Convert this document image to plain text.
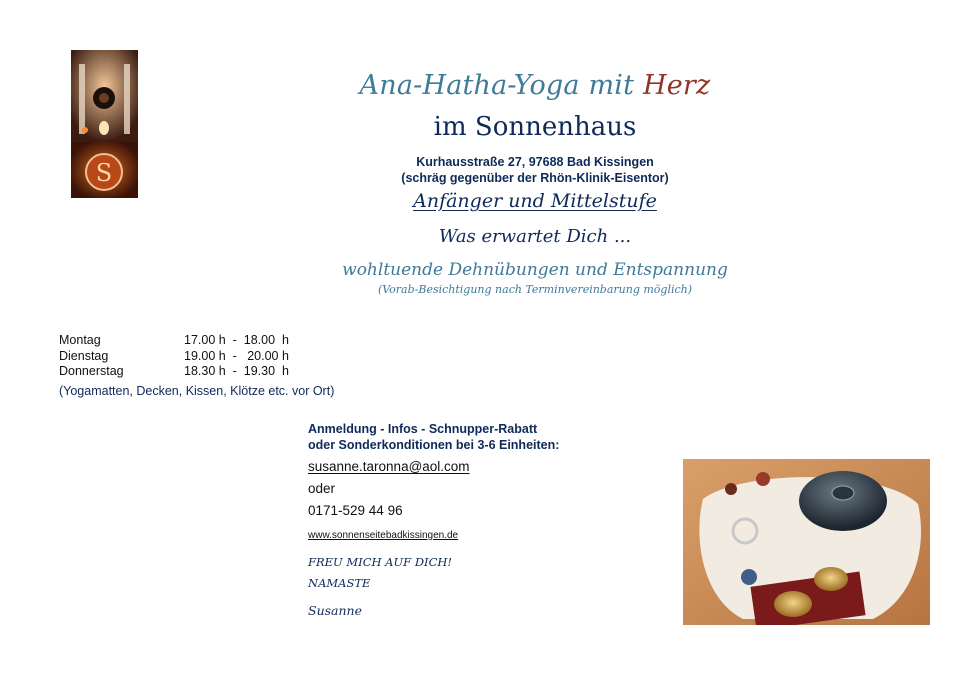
S
Ana-Hatha-Yoga mit Herz
im Sonnenhaus
Kurhausstraße 27, 97688 Bad Kissingen
(schräg gegenüber der Rhön-Klinik-Eisentor)
Anfänger und Mittelstufe
Was erwartet Dich ...
wohltuende Dehnübungen und Entspannung
(Vorab-Besichtigung nach Terminvereinbarung möglich)
Montag	17.00 h  -  18.00  h
Dienstag	19.00 h  -   20.00 h
Donnerstag	18.30 h  -  19.30  h
(Yogamatten, Decken, Kissen, Klötze etc. vor Ort)
Anmeldung - Infos - Schnupper-Rabatt
oder Sonderkonditionen bei 3-6 Einheiten:
susanne.taronna@aol.com
oder
0171-529 44 96
www.sonnenseitebadkissingen.de
FREU MICH AUF DICH!
NAMASTE
Susanne
